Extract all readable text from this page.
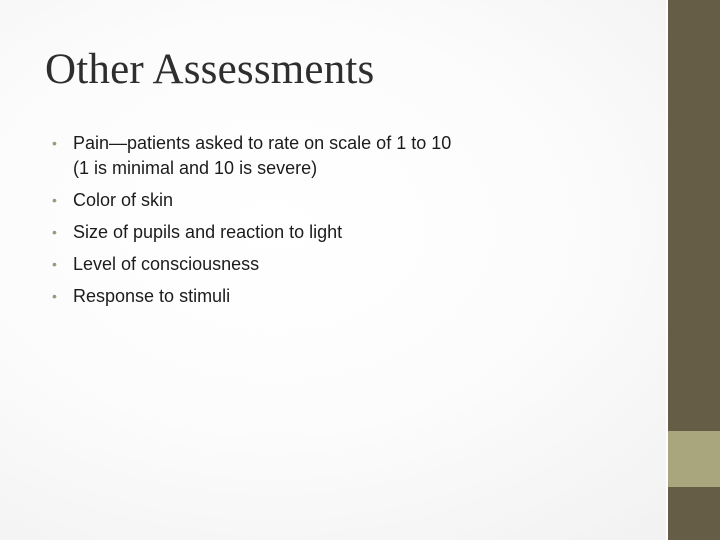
Other Assessments
• Pain—patients asked to rate on scale of 1 to 10 (1 is minimal and 10 is severe)
• Color of skin
• Size of pupils and reaction to light
• Level of consciousness
• Response to stimuli
